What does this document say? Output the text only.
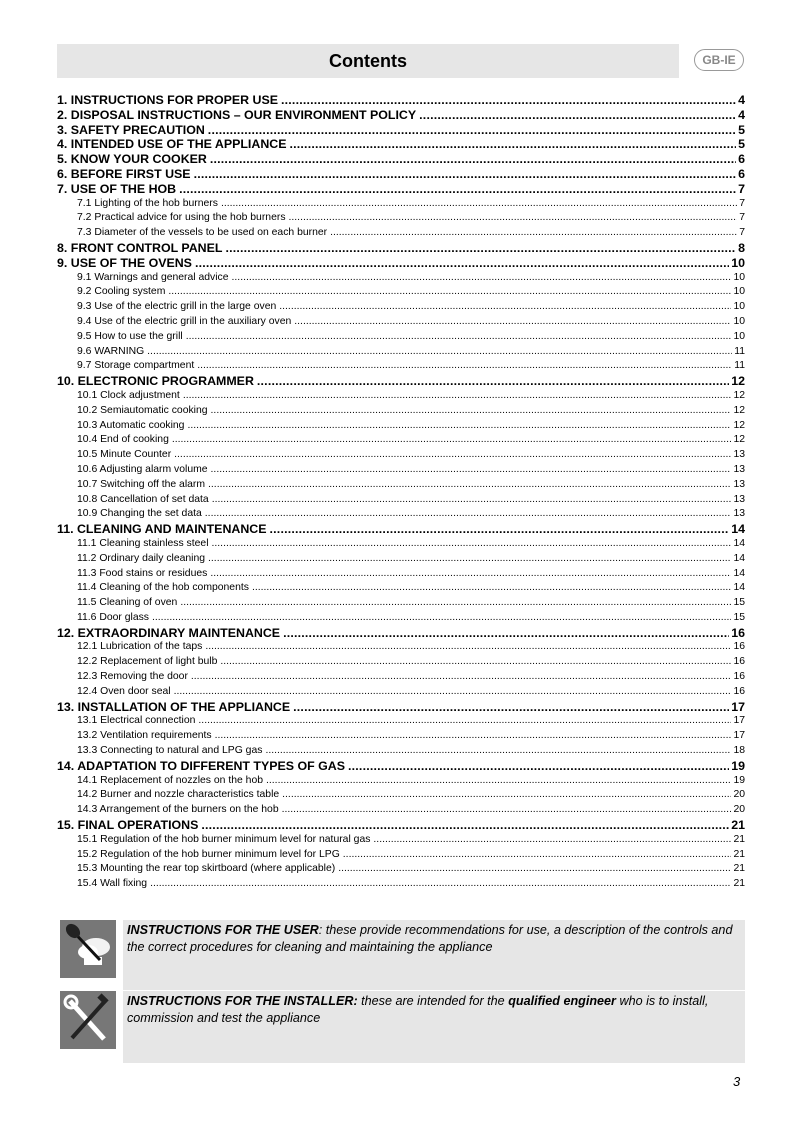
Contents	GB-IE
1. INSTRUCTIONS FOR PROPER USE .....	4
2. DISPOSAL INSTRUCTIONS – OUR ENVIRONMENT POLICY .....	4
3. SAFETY PRECAUTION .....	5
4. INTENDED USE OF THE APPLIANCE .....	5
5. KNOW YOUR COOKER .....	6
6. BEFORE FIRST USE .....	6
7. USE OF THE HOB .....	7
7.1 Lighting of the hob burners .....	7
7.2 Practical advice for using the hob burners .....	7
7.3 Diameter of the vessels to be used on each burner .....	7
8. FRONT CONTROL PANEL .....	8
9. USE OF THE OVENS .....	10
9.1 Warnings and general advice .....	10
9.2 Cooling system .....	10
9.3 Use of the electric grill in the large oven .....	10
9.4 Use of the electric grill in the auxiliary oven .....	10
9.5 How to use the grill .....	10
9.6 WARNING .....	11
9.7 Storage compartment .....	11
10. ELECTRONIC PROGRAMMER .....	12
10.1 Clock adjustment .....	12
10.2 Semiautomatic cooking .....	12
10.3 Automatic cooking .....	12
10.4 End of cooking .....	12
10.5 Minute Counter .....	13
10.6 Adjusting alarm volume .....	13
10.7 Switching off the alarm .....	13
10.8 Cancellation of set data .....	13
10.9 Changing the set data .....	13
11. CLEANING AND MAINTENANCE .....	14
11.1 Cleaning stainless steel .....	14
11.2 Ordinary daily cleaning .....	14
11.3 Food stains or residues .....	14
11.4 Cleaning of the hob components .....	14
11.5 Cleaning of oven .....	15
11.6 Door glass .....	15
12. EXTRAORDINARY MAINTENANCE .....	16
12.1 Lubrication of the taps .....	16
12.2 Replacement of light bulb .....	16
12.3 Removing the door .....	16
12.4 Oven door seal .....	16
13. INSTALLATION OF THE APPLIANCE .....	17
13.1 Electrical connection .....	17
13.2 Ventilation requirements .....	17
13.3 Connecting to natural and LPG gas .....	18
14. ADAPTATION TO DIFFERENT TYPES OF GAS .....	19
14.1 Replacement of nozzles on the hob .....	19
14.2 Burner and nozzle characteristics table .....	20
14.3 Arrangement of the burners on the hob .....	20
15. FINAL OPERATIONS .....	21
15.1 Regulation of the hob burner minimum level for natural gas .....	21
15.2 Regulation of the hob burner minimum level for LPG .....	21
15.3 Mounting the rear top skirtboard (where applicable) .....	21
15.4 Wall fixing .....	21
INSTRUCTIONS FOR THE USER: these provide recommendations for use, a description of the controls and the correct procedures for cleaning and maintaining the appliance
INSTRUCTIONS FOR THE INSTALLER: these are intended for the qualified engineer who is to install, commission and test the appliance
3
